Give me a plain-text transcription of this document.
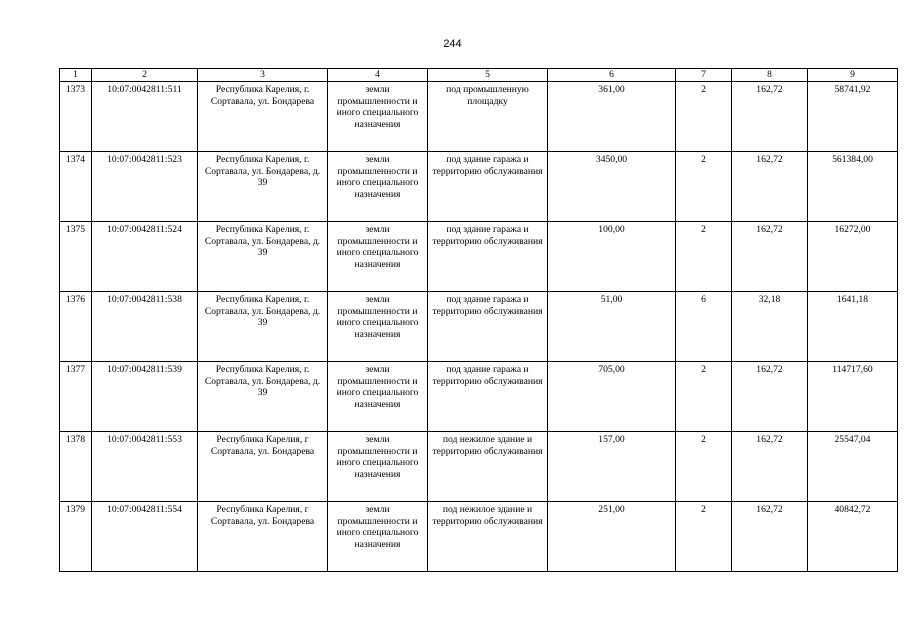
244
1	2	3	4	5	6	7	8	9
1373	10:07:0042811:511	Республика Карелия, г. Сортавала, ул. Бондарева	земли промышленности и иного специального назначения	под промышленную площадку	361,00	2	162,72	58741,92
1374	10:07:0042811:523	Республика Карелия, г. Сортавала, ул. Бондарева, д. 39	земли промышленности и иного специального назначения	под здание гаража и территорию обслуживания	3450,00	2	162,72	561384,00
1375	10:07:0042811:524	Республика Карелия, г. Сортавала, ул. Бондарева, д. 39	земли промышленности и иного специального назначения	под здание гаража и территорию обслуживания	100,00	2	162,72	16272,00
1376	10:07:0042811:538	Республика Карелия, г. Сортавала, ул. Бондарева, д. 39	земли промышленности и иного специального назначения	под здание гаража и территорию обслуживания	51,00	6	32,18	1641,18
1377	10:07:0042811:539	Республика Карелия, г. Сортавала, ул. Бондарева, д. 39	земли промышленности и иного специального назначения	под здание гаража и территорию обслуживания	705,00	2	162,72	114717,60
1378	10:07:0042811:553	Республика Карелия, г Сортавала, ул. Бондарева	земли промышленности и иного специального назначения	под нежилое здание и территорию обслуживания	157,00	2	162,72	25547,04
1379	10:07:0042811:554	Республика Карелия, г Сортавала, ул. Бондарева	земли промышленности и иного специального назначения	под нежилое здание и территорию обслуживания	251,00	2	162,72	40842,72
